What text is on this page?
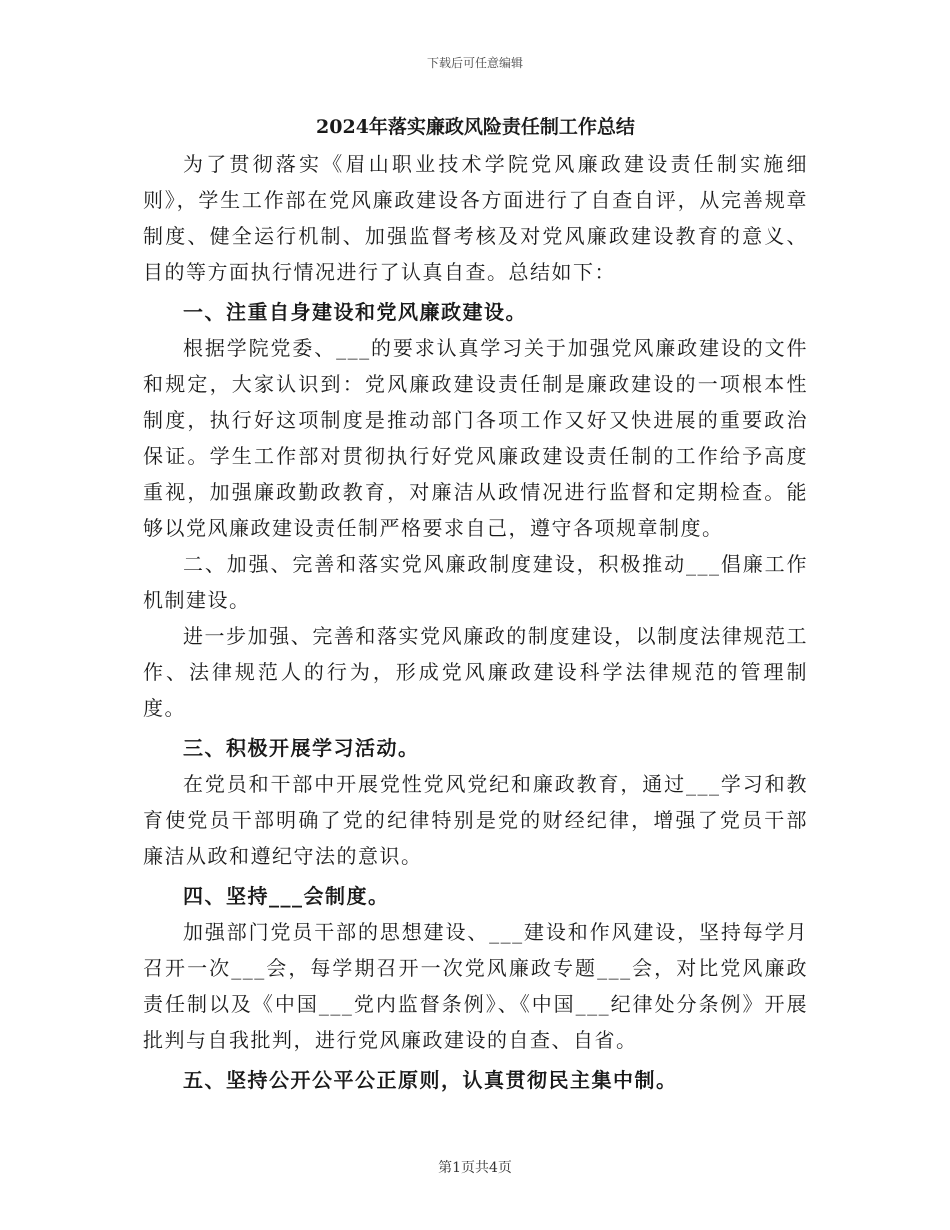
下载后可任意编辑
2024年落实廉政风险责任制工作总结

为了贯彻落实《眉山职业技术学院党风廉政建设责任制实施细则》，学生工作部在党风廉政建设各方面进行了自查自评，从完善规章制度、健全运行机制、加强监督考核及对党风廉政建设教育的意义、目的等方面执行情况进行了认真自查。总结如下：

一、注重自身建设和党风廉政建设。

根据学院党委、___的要求认真学习关于加强党风廉政建设的文件和规定，大家认识到：党风廉政建设责任制是廉政建设的一项根本性制度，执行好这项制度是推动部门各项工作又好又快进展的重要政治保证。学生工作部对贯彻执行好党风廉政建设责任制的工作给予高度重视，加强廉政勤政教育，对廉洁从政情况进行监督和定期检查。能够以党风廉政建设责任制严格要求自己，遵守各项规章制度。

二、加强、完善和落实党风廉政制度建设，积极推动___倡廉工作机制建设。

进一步加强、完善和落实党风廉政的制度建设，以制度法律规范工作、法律规范人的行为，形成党风廉政建设科学法律规范的管理制度。

三、积极开展学习活动。

在党员和干部中开展党性党风党纪和廉政教育，通过___学习和教育使党员干部明确了党的纪律特别是党的财经纪律，增强了党员干部廉洁从政和遵纪守法的意识。

四、坚持___会制度。

加强部门党员干部的思想建设、___建设和作风建设，坚持每学月召开一次___会，每学期召开一次党风廉政专题___会，对比党风廉政责任制以及《中国___党内监督条例》、《中国___纪律处分条例》开展批判与自我批判，进行党风廉政建设的自查、自省。

五、坚持公开公平公正原则，认真贯彻民主集中制。

第1页共4页
